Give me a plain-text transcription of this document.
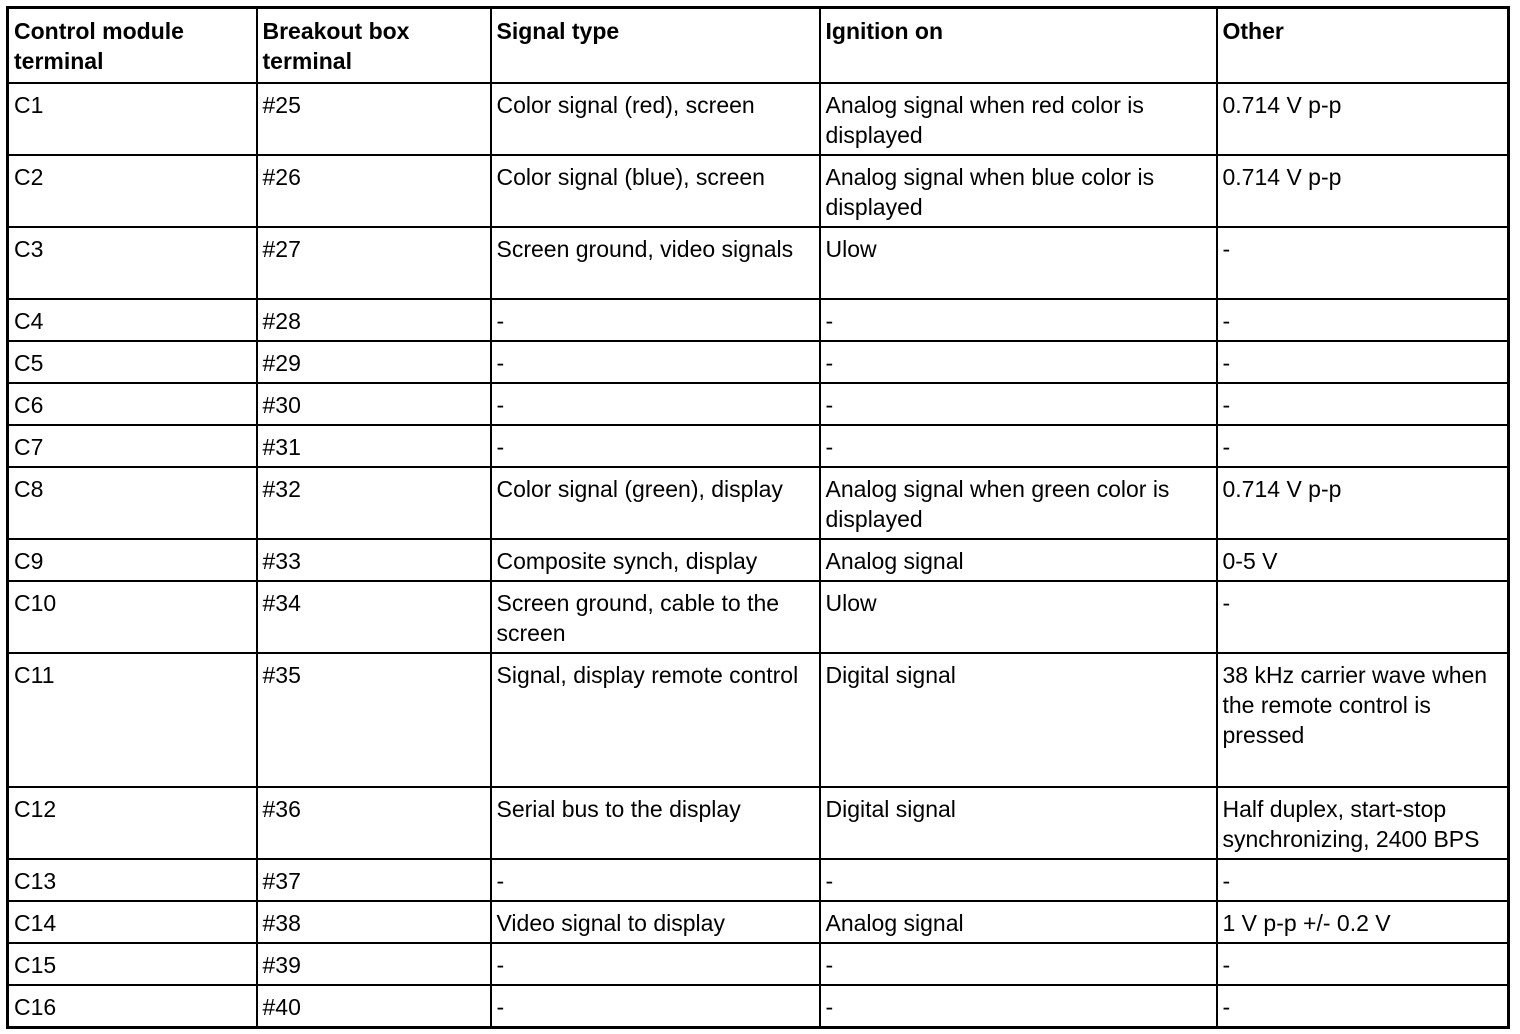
Control module terminal	Breakout box terminal	Signal type	Ignition on	Other
C1	#25	Color signal (red), screen	Analog signal when red color is displayed	0.714 V p-p
C2	#26	Color signal (blue), screen	Analog signal when blue color is displayed	0.714 V p-p
C3	#27	Screen ground, video signals	Ulow	-
C4	#28	-	-	-
C5	#29	-	-	-
C6	#30	-	-	-
C7	#31	-	-	-
C8	#32	Color signal (green), display	Analog signal when green color is displayed	0.714 V p-p
C9	#33	Composite synch, display	Analog signal	0-5 V
C10	#34	Screen ground, cable to the screen	Ulow	-
C11	#35	Signal, display remote control	Digital signal	38 kHz carrier wave when
the remote control is pressed
C12	#36	Serial bus to the display	Digital signal	Half duplex, start-stop synchronizing, 2400 BPS
C13	#37	-	-	-
C14	#38	Video signal to display	Analog signal	1 V p-p +/- 0.2 V
C15	#39	-	-	-
C16	#40	-	-	-
